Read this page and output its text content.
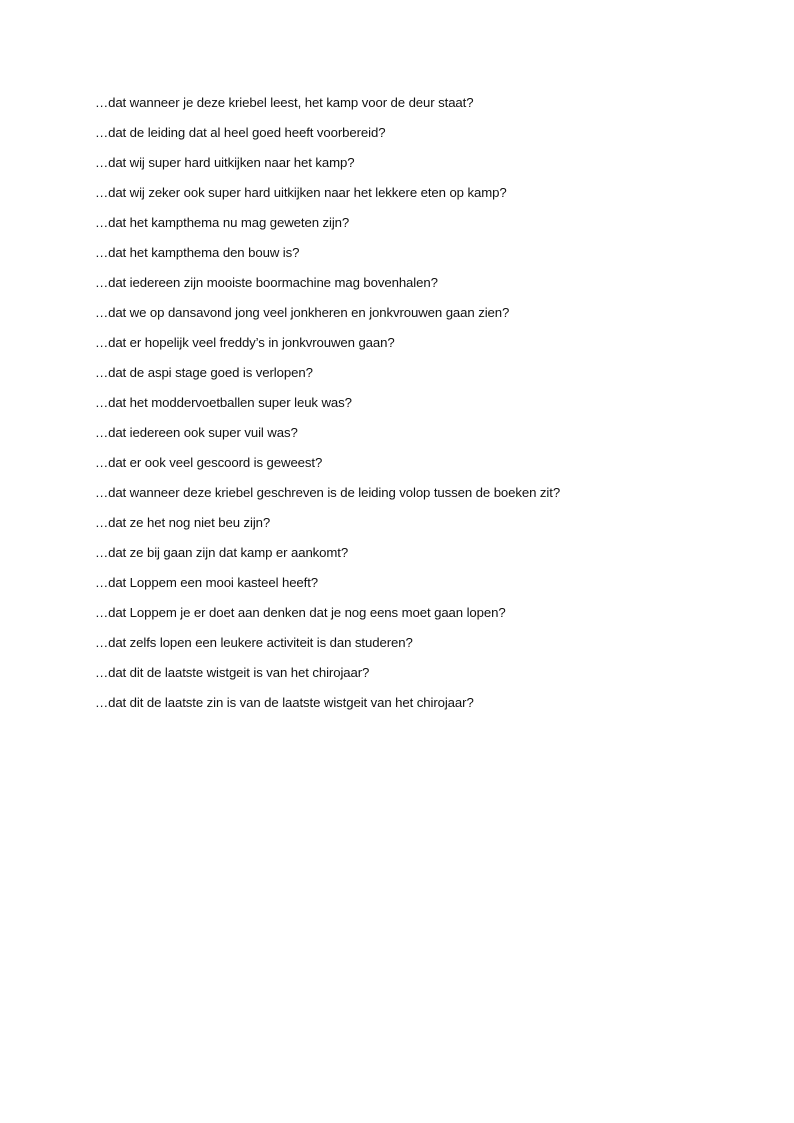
…dat wanneer je deze kriebel leest, het kamp voor de deur staat?
…dat de leiding dat al heel goed heeft voorbereid?
…dat wij super hard uitkijken naar het kamp?
…dat wij zeker ook super hard uitkijken naar het lekkere eten op kamp?
…dat het kampthema nu mag geweten zijn?
…dat het kampthema den bouw is?
…dat iedereen zijn mooiste boormachine mag bovenhalen?
…dat we op dansavond jong veel jonkheren en jonkvrouwen gaan zien?
…dat er hopelijk veel freddy’s in jonkvrouwen gaan?
…dat de aspi stage goed is verlopen?
…dat het moddervoetballen super leuk was?
…dat iedereen ook super vuil was?
…dat er ook veel gescoord is geweest?
…dat wanneer deze kriebel geschreven is de leiding volop tussen de boeken zit?
…dat ze het nog niet beu zijn?
…dat ze bij gaan zijn dat kamp er aankomt?
…dat Loppem een mooi kasteel heeft?
…dat Loppem je er doet aan denken dat je nog eens moet gaan lopen?
…dat zelfs lopen een leukere activiteit is dan studeren?
…dat dit de laatste wistgeit is van het chirojaar?
…dat dit de laatste zin is van de laatste wistgeit van het chirojaar?
